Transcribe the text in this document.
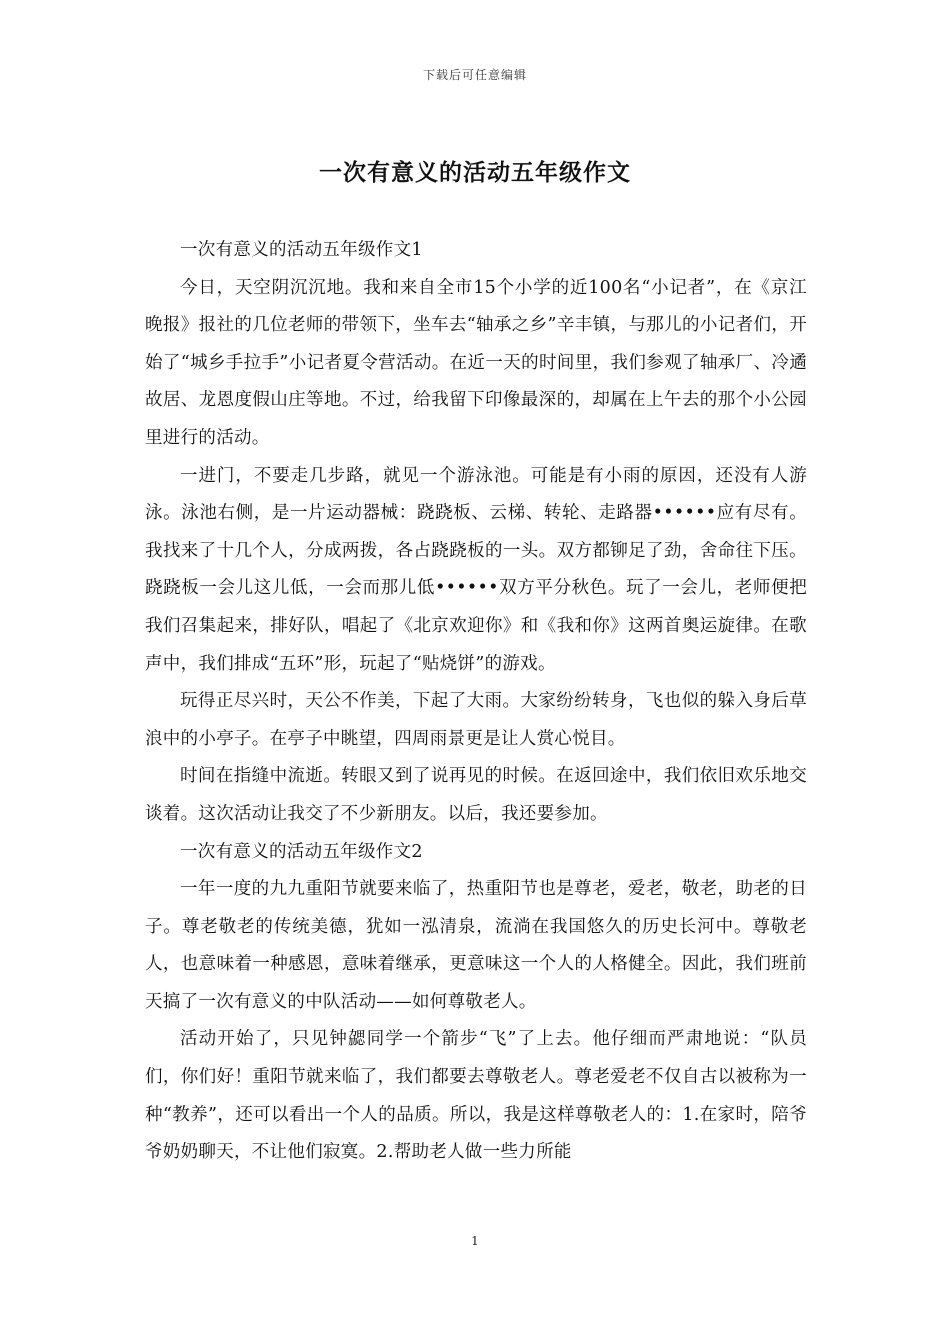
下载后可任意编辑
一次有意义的活动五年级作文

一次有意义的活动五年级作文1

今日，天空阴沉沉地。我和来自全市15个小学的近100名“小记者”，在《京江晚报》报社的几位老师的带领下，坐车去“轴承之乡”辛丰镇，与那儿的小记者们，开始了“城乡手拉手”小记者夏令营活动。在近一天的时间里，我们参观了轴承厂、冷遹故居、龙恩度假山庄等地。不过，给我留下印像最深的，却属在上午去的那个小公园里进行的活动。

一进门，不要走几步路，就见一个游泳池。可能是有小雨的原因，还没有人游泳。泳池右侧，是一片运动器械：跷跷板、云梯、转轮、走路器••••••应有尽有。我找来了十几个人，分成两拨，各占跷跷板的一头。双方都铆足了劲，舍命往下压。跷跷板一会儿这儿低，一会而那儿低••••••双方平分秋色。玩了一会儿，老师便把我们召集起来，排好队，唱起了《北京欢迎你》和《我和你》这两首奥运旋律。在歌声中，我们排成“五环”形，玩起了“贴烧饼”的游戏。

玩得正尽兴时，天公不作美，下起了大雨。大家纷纷转身，飞也似的躲入身后草浪中的小亭子。在亭子中眺望，四周雨景更是让人赏心悦目。

时间在指缝中流逝。转眼又到了说再见的时候。在返回途中，我们依旧欢乐地交谈着。这次活动让我交了不少新朋友。以后，我还要参加。

一次有意义的活动五年级作文2

一年一度的九九重阳节就要来临了，热重阳节也是尊老，爱老，敬老，助老的日子。尊老敬老的传统美德，犹如一泓清泉，流淌在我国悠久的历史长河中。尊敬老人，也意味着一种感恩，意味着继承，更意味这一个人的人格健全。因此，我们班前天搞了一次有意义的中队活动——如何尊敬老人。

活动开始了，只见钟勰同学一个箭步“飞”了上去。他仔细而严肃地说：“队员们，你们好！重阳节就来临了，我们都要去尊敬老人。尊老爱老不仅自古以被称为一种“教养”，还可以看出一个人的品质。所以，我是这样尊敬老人的：1.在家时，陪爷爷奶奶聊天，不让他们寂寞。2.帮助老人做一些力所能

1
